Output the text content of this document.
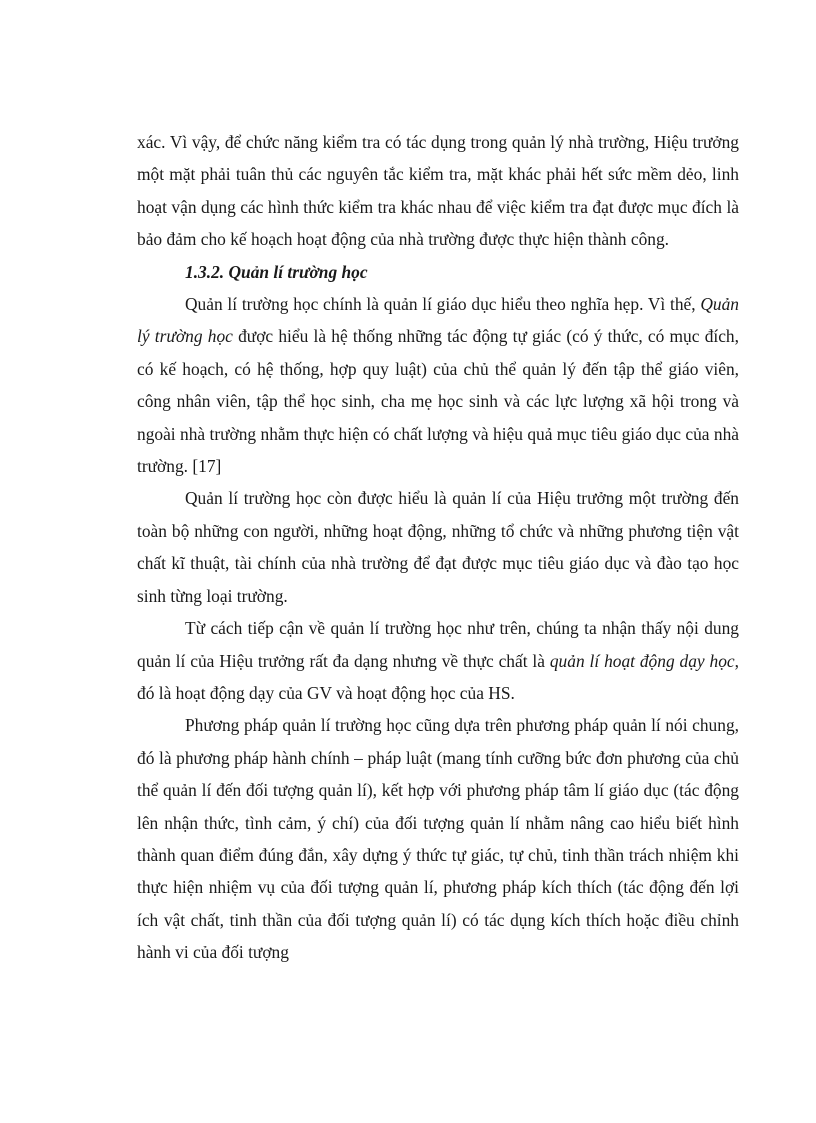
xác. Vì vậy, để chức năng kiểm tra có tác dụng trong quản lý nhà trường, Hiệu trưởng một mặt phải tuân thủ các nguyên tắc kiểm tra, mặt khác phải hết sức mềm dẻo, linh hoạt vận dụng các hình thức kiểm tra khác nhau để việc kiểm tra đạt được mục đích là bảo đảm cho kế hoạch hoạt động của nhà trường được thực hiện thành công.

1.3.2. Quản lí trường học

Quản lí trường học chính là quản lí giáo dục hiểu theo nghĩa hẹp. Vì thế, Quản lý trường học được hiểu là hệ thống những tác động tự giác (có ý thức, có mục đích, có kế hoạch, có hệ thống, hợp quy luật) của chủ thể quản lý đến tập thể giáo viên, công nhân viên, tập thể học sinh, cha mẹ học sinh và các lực lượng xã hội trong và ngoài nhà trường nhằm thực hiện có chất lượng và hiệu quả mục tiêu giáo dục của nhà trường. [17]

Quản lí trường học còn được hiểu là quản lí của Hiệu trưởng một trường đến toàn bộ những con người, những hoạt động, những tổ chức và những phương tiện vật chất kĩ thuật, tài chính của nhà trường để đạt được mục tiêu giáo dục và đào tạo học sinh từng loại trường.

Từ cách tiếp cận về quản lí trường học như trên, chúng ta nhận thấy nội dung quản lí của Hiệu trưởng rất đa dạng nhưng về thực chất là quản lí hoạt động dạy học, đó là hoạt động dạy của GV và hoạt động học của HS.

Phương pháp quản lí trường học cũng dựa trên phương pháp quản lí nói chung, đó là phương pháp hành chính – pháp luật (mang tính cưỡng bức đơn phương của chủ thể quản lí đến đối tượng quản lí), kết hợp với phương pháp tâm lí giáo dục (tác động lên nhận thức, tình cảm, ý chí) của đối tượng quản lí nhằm nâng cao hiểu biết hình thành quan điểm đúng đắn, xây dựng ý thức tự giác, tự chủ, tinh thần trách nhiệm khi thực hiện nhiệm vụ của đối tượng quản lí, phương pháp kích thích (tác động đến lợi ích vật chất, tinh thần của đối tượng quản lí) có tác dụng kích thích hoặc điều chỉnh hành vi của đối tượng
